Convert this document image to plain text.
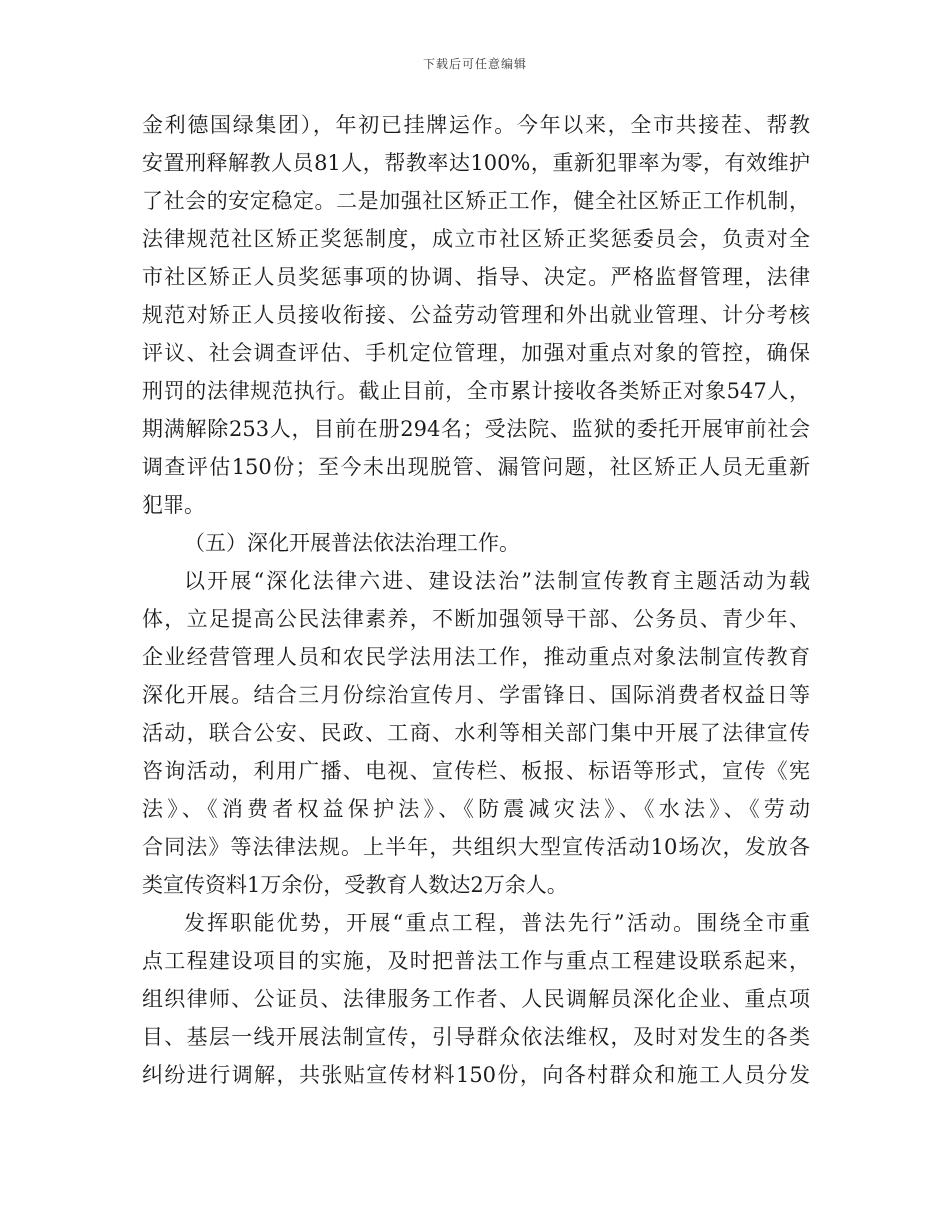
下载后可任意编辑
金利德国绿集团），年初已挂牌运作。今年以来，全市共接茬、帮教
安置刑释解教人员81人，帮教率达100%，重新犯罪率为零，有效维护
了社会的安定稳定。二是加强社区矫正工作，健全社区矫正工作机制，
法律规范社区矫正奖惩制度，成立市社区矫正奖惩委员会，负责对全
市社区矫正人员奖惩事项的协调、指导、决定。严格监督管理，法律
规范对矫正人员接收衔接、公益劳动管理和外出就业管理、计分考核
评议、社会调查评估、手机定位管理，加强对重点对象的管控，确保
刑罚的法律规范执行。截止目前，全市累计接收各类矫正对象547人，
期满解除253人，目前在册294名；受法院、监狱的委托开展审前社会
调查评估150份；至今未出现脱管、漏管问题，社区矫正人员无重新
犯罪。
（五）深化开展普法依法治理工作。
以开展“深化法律六进、建设法治”法制宣传教育主题活动为载
体，立足提高公民法律素养，不断加强领导干部、公务员、青少年、
企业经营管理人员和农民学法用法工作，推动重点对象法制宣传教育
深化开展。结合三月份综治宣传月、学雷锋日、国际消费者权益日等
活动，联合公安、民政、工商、水利等相关部门集中开展了法律宣传
咨询活动，利用广播、电视、宣传栏、板报、标语等形式，宣传《宪
法》、《消费者权益保护法》、《防震减灾法》、《水法》、《劳动
合同法》等法律法规。上半年，共组织大型宣传活动10场次，发放各
类宣传资料1万余份，受教育人数达2万余人。
发挥职能优势，开展“重点工程，普法先行”活动。围绕全市重
点工程建设项目的实施，及时把普法工作与重点工程建设联系起来，
组织律师、公证员、法律服务工作者、人民调解员深化企业、重点项
目、基层一线开展法制宣传，引导群众依法维权，及时对发生的各类
纠纷进行调解，共张贴宣传材料150份，向各村群众和施工人员分发
